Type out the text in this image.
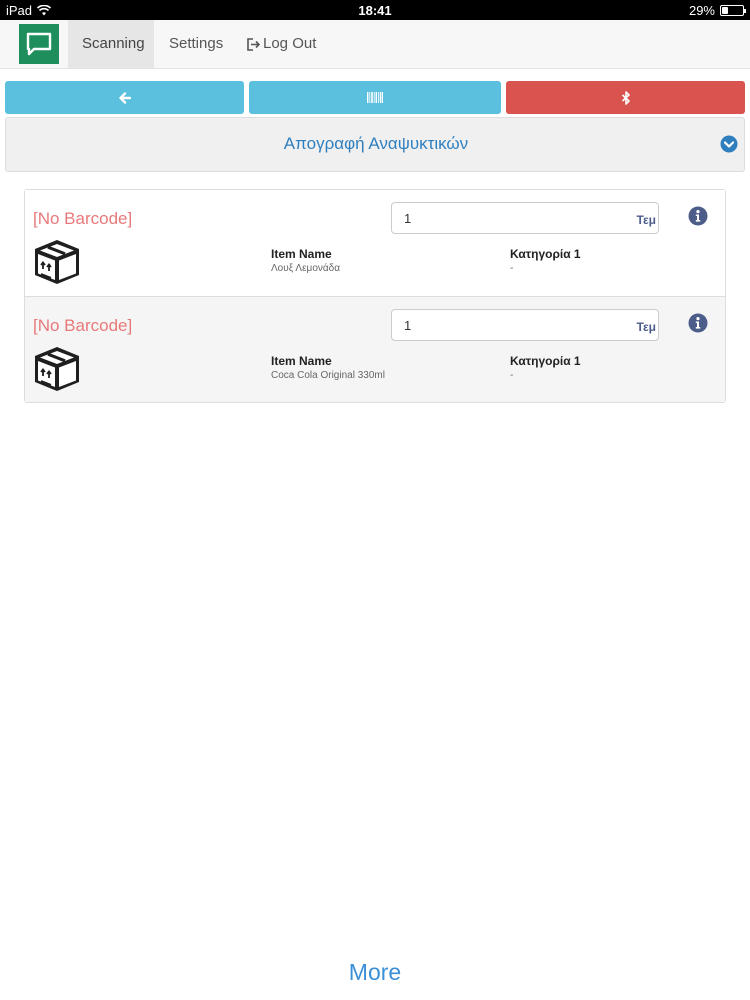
iPad	18:41	29%
Scanning	Settings	Log Out
Απογραφή Αναψυκτικών
[No Barcode]	1	Τεμ
Item Name
Λουξ Λεμονάδα
Κατηγορία 1
-
[No Barcode]	1	Τεμ
Item Name
Coca Cola Original 330ml
Κατηγορία 1
-
More
